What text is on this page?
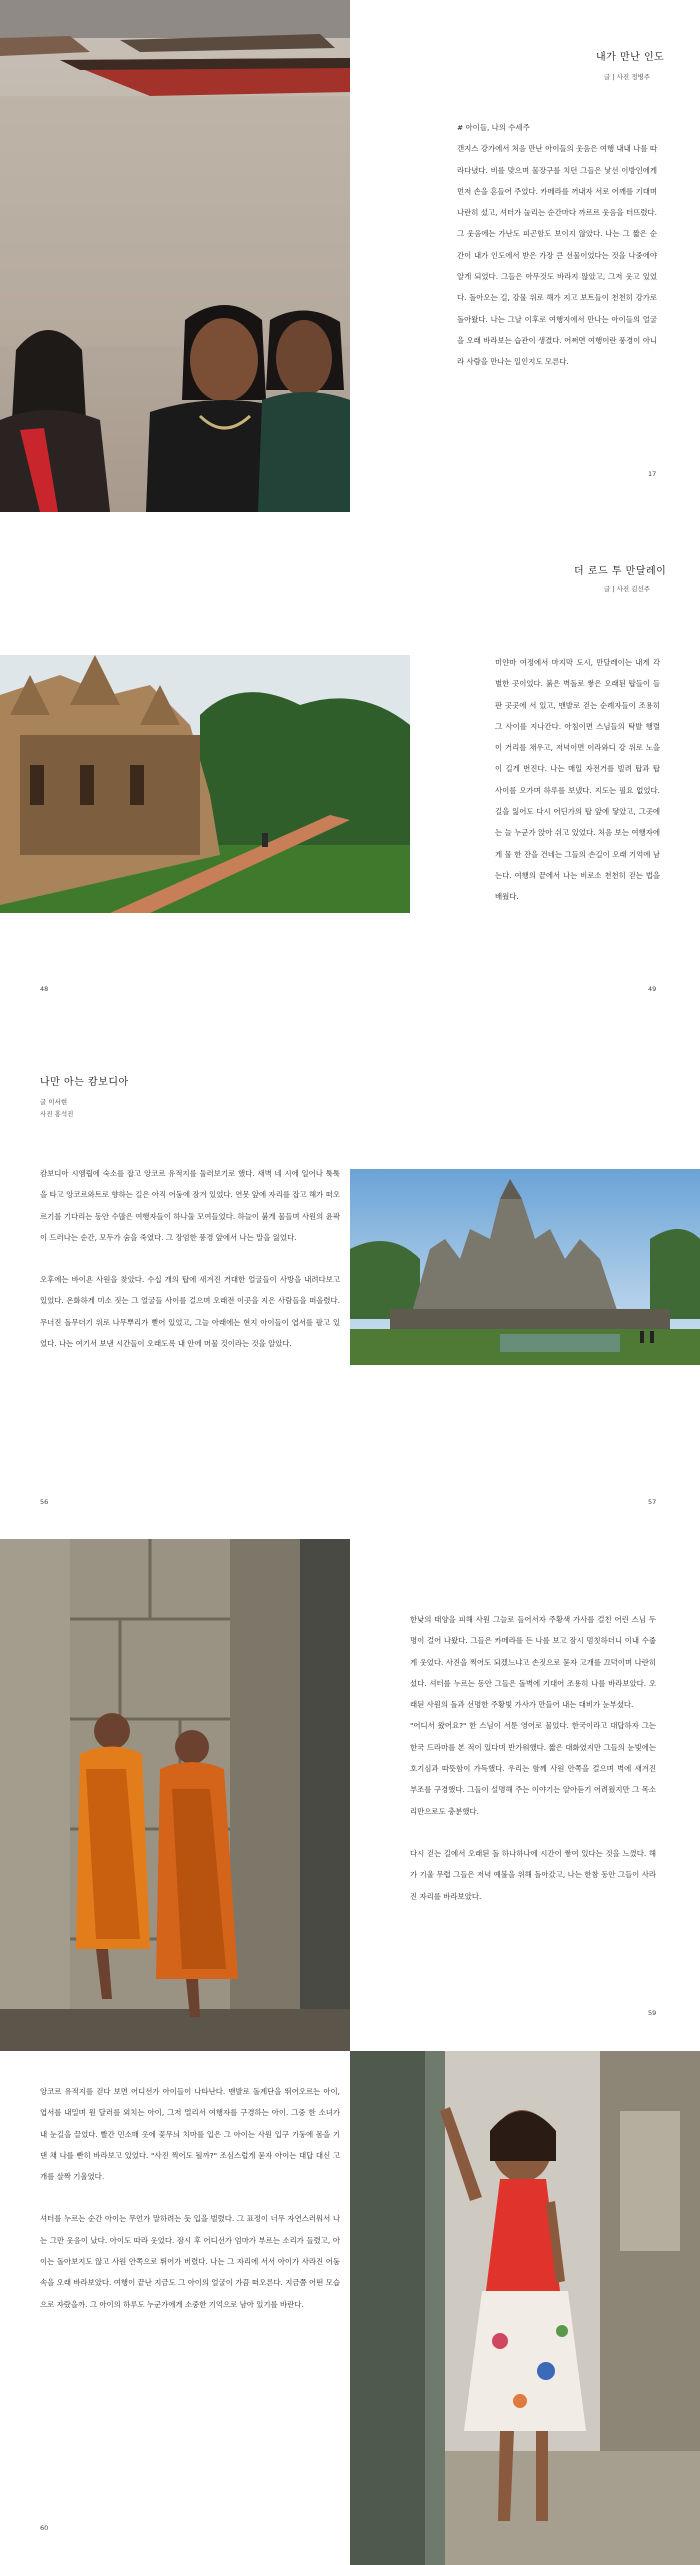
내가 만난 인도
글 | 사진 정병주

# 아이들, 나의 수세주

갠지스 강가에서 처음 만난 아이들의 웃음은 여행 내내 나를 따라다녔다. 비를 맞으며 물장구를 치던 그들은 낯선 이방인에게 먼저 손을 흔들어 주었다. 카메라를 꺼내자 서로 어깨를 기대며 나란히 섰고, 셔터가 눌리는 순간마다 까르르 웃음을 터뜨렸다. 그 웃음에는 가난도 피곤함도 보이지 않았다. 나는 그 짧은 순간이 내가 인도에서 받은 가장 큰 선물이었다는 것을 나중에야 알게 되었다. 그들은 아무것도 바라지 않았고, 그저 웃고 있었다. 돌아오는 길, 강물 위로 해가 지고 보트들이 천천히 강가로 돌아왔다. 나는 그날 이후로 여행지에서 만나는 아이들의 얼굴을 오래 바라보는 습관이 생겼다. 어쩌면 여행이란 풍경이 아니라 사람을 만나는 일인지도 모른다.

17
더 로드 투 만달레이
글 | 사진 김선주

미얀마 여정에서 마지막 도시, 만달레이는 내게 각별한 곳이었다. 붉은 벽돌로 쌓은 오래된 탑들이 들판 곳곳에 서 있고, 맨발로 걷는 순례자들이 조용히 그 사이를 지나간다. 아침이면 스님들의 탁발 행렬이 거리를 채우고, 저녁이면 이라와디 강 위로 노을이 길게 번진다. 나는 매일 자전거를 빌려 탑과 탑 사이를 오가며 하루를 보냈다. 지도는 필요 없었다. 길을 잃어도 다시 어딘가의 탑 앞에 닿았고, 그곳에는 늘 누군가 앉아 쉬고 있었다. 처음 보는 여행자에게 물 한 잔을 건네는 그들의 손길이 오래 기억에 남는다. 여행의 끝에서 나는 비로소 천천히 걷는 법을 배웠다.

48	49
나만 아는 캄보디아
글 이서현
사진 홍석진

캄보디아 시엠립에 숙소를 잡고 앙코르 유적지를 둘러보기로 했다. 새벽 네 시에 일어나 툭툭을 타고 앙코르와트로 향하는 길은 아직 어둠에 잠겨 있었다. 연못 앞에 자리를 잡고 해가 떠오르기를 기다리는 동안 수많은 여행자들이 하나둘 모여들었다. 하늘이 붉게 물들며 사원의 윤곽이 드러나는 순간, 모두가 숨을 죽였다. 그 장엄한 풍경 앞에서 나는 말을 잃었다.

오후에는 바이욘 사원을 찾았다. 수십 개의 탑에 새겨진 거대한 얼굴들이 사방을 내려다보고 있었다. 온화하게 미소 짓는 그 얼굴들 사이를 걸으며 오래전 이곳을 지은 사람들을 떠올렸다. 무너진 돌무더기 위로 나무뿌리가 뻗어 있었고, 그늘 아래에는 현지 아이들이 엽서를 팔고 있었다. 나는 여기서 보낸 시간들이 오래도록 내 안에 머물 것이라는 것을 알았다.

56	57

한낮의 태양을 피해 사원 그늘로 들어서자 주황색 가사를 걸친 어린 스님 두 명이 걸어 나왔다. 그들은 카메라를 든 나를 보고 잠시 멈칫하더니 이내 수줍게 웃었다. 사진을 찍어도 되겠느냐고 손짓으로 묻자 고개를 끄덕이며 나란히 섰다. 셔터를 누르는 동안 그들은 돌벽에 기대어 조용히 나를 바라보았다. 오래된 사원의 돌과 선명한 주황빛 가사가 만들어 내는 대비가 눈부셨다.

"어디서 왔어요?" 한 스님이 서툰 영어로 물었다. 한국이라고 대답하자 그는 한국 드라마를 본 적이 있다며 반가워했다. 짧은 대화였지만 그들의 눈빛에는 호기심과 따뜻함이 가득했다. 우리는 함께 사원 안쪽을 걸으며 벽에 새겨진 부조를 구경했다. 그들이 설명해 주는 이야기는 알아듣기 어려웠지만 그 목소리만으로도 충분했다.

다시 걷는 길에서 오래된 돌 하나하나에 시간이 쌓여 있다는 것을 느꼈다. 해가 기울 무렵 그들은 저녁 예불을 위해 돌아갔고, 나는 한참 동안 그들이 사라진 자리를 바라보았다.

59

앙코르 유적지를 걷다 보면 어디선가 아이들이 나타난다. 맨발로 돌계단을 뛰어오르는 아이, 엽서를 내밀며 원 달러를 외치는 아이, 그저 멀리서 여행자를 구경하는 아이. 그중 한 소녀가 내 눈길을 끌었다. 빨간 민소매 옷에 꽃무늬 치마를 입은 그 아이는 사원 입구 기둥에 몸을 기댄 채 나를 빤히 바라보고 있었다. "사진 찍어도 될까?" 조심스럽게 묻자 아이는 대답 대신 고개를 살짝 기울였다.

셔터를 누르는 순간 아이는 무언가 말하려는 듯 입을 벌렸다. 그 표정이 너무 자연스러워서 나는 그만 웃음이 났다. 아이도 따라 웃었다. 잠시 후 어디선가 엄마가 부르는 소리가 들렸고, 아이는 돌아보지도 않고 사원 안쪽으로 뛰어가 버렸다. 나는 그 자리에 서서 아이가 사라진 어둠 속을 오래 바라보았다. 여행이 끝난 지금도 그 아이의 얼굴이 가끔 떠오른다. 지금쯤 어떤 모습으로 자랐을까. 그 아이의 하루도 누군가에게 소중한 기억으로 남아 있기를 바란다.

60
